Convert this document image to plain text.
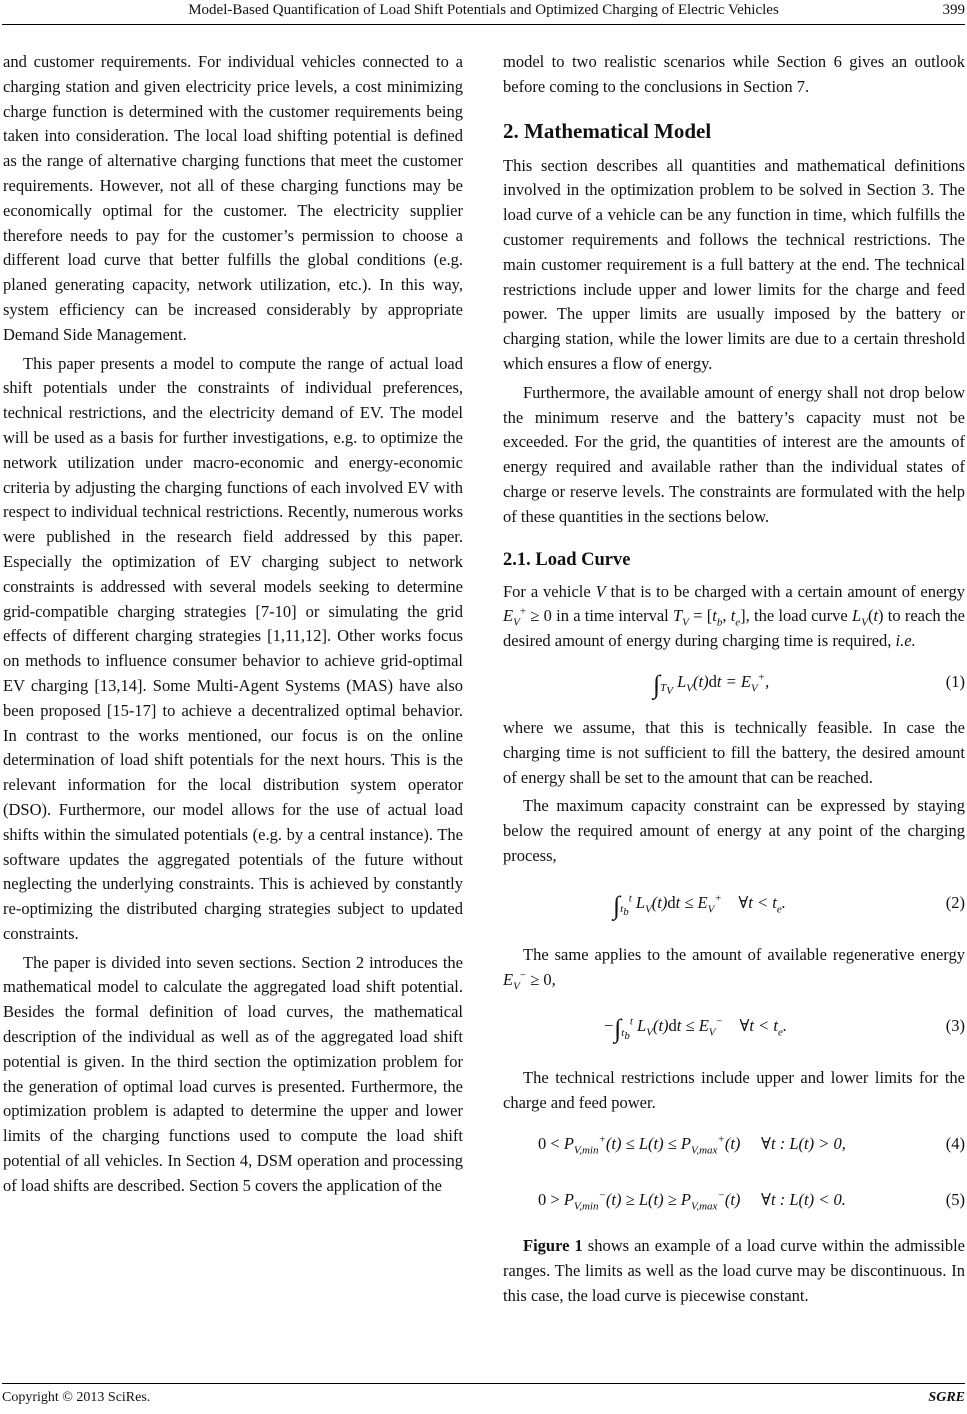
Model-Based Quantification of Load Shift Potentials and Optimized Charging of Electric Vehicles	399

and customer requirements. For individual vehicles connected to a charging station and given electricity price levels, a cost minimizing charge function is determined with the customer requirements being taken into consideration. The local load shifting potential is defined as the range of alternative charging functions that meet the customer requirements. However, not all of these charging functions may be economically optimal for the customer. The electricity supplier therefore needs to pay for the customer’s permission to choose a different load curve that better fulfills the global conditions (e.g. planed generating capacity, network utilization, etc.). In this way, system efficiency can be increased considerably by appropriate Demand Side Management.

This paper presents a model to compute the range of actual load shift potentials under the constraints of individual preferences, technical restrictions, and the electricity demand of EV. The model will be used as a basis for further investigations, e.g. to optimize the network utilization under macro-economic and energy-economic criteria by adjusting the charging functions of each involved EV with respect to individual technical restrictions. Recently, numerous works were published in the research field addressed by this paper. Especially the optimization of EV charging subject to network constraints is addressed with several models seeking to determine grid-compatible charging strategies [7-10] or simulating the grid effects of different charging strategies [1,11,12]. Other works focus on methods to influence consumer behavior to achieve grid-optimal EV charging [13,14]. Some Multi-Agent Systems (MAS) have also been proposed [15-17] to achieve a decentralized optimal behavior. In contrast to the works mentioned, our focus is on the online determination of load shift potentials for the next hours. This is the relevant information for the local distribution system operator (DSO). Furthermore, our model allows for the use of actual load shifts within the simulated potentials (e.g. by a central instance). The software updates the aggregated potentials of the future without neglecting the underlying constraints. This is achieved by constantly re-optimizing the distributed charging strategies subject to updated constraints.

The paper is divided into seven sections. Section 2 introduces the mathematical model to calculate the aggregated load shift potential. Besides the formal definition of load curves, the mathematical description of the individual as well as of the aggregated load shift potential is given. In the third section the optimization problem for the generation of optimal load curves is presented. Furthermore, the optimization problem is adapted to determine the upper and lower limits of the charging functions used to compute the load shift potential of all vehicles. In Section 4, DSM operation and processing of load shifts are described. Section 5 covers the application of the

model to two realistic scenarios while Section 6 gives an outlook before coming to the conclusions in Section 7.

2. Mathematical Model

This section describes all quantities and mathematical definitions involved in the optimization problem to be solved in Section 3. The load curve of a vehicle can be any function in time, which fulfills the customer requirements and follows the technical restrictions. The main customer requirement is a full battery at the end. The technical restrictions include upper and lower limits for the charge and feed power. The upper limits are usually imposed by the battery or charging station, while the lower limits are due to a certain threshold which ensures a flow of energy.

Furthermore, the available amount of energy shall not drop below the minimum reserve and the battery’s capacity must not be exceeded. For the grid, the quantities of interest are the amounts of energy required and available rather than the individual states of charge or reserve levels. The constraints are formulated with the help of these quantities in the sections below.

2.1. Load Curve

For a vehicle V that is to be charged with a certain amount of energy $E_V^+ \ge 0$ in a time interval $T_V = [t_b$, $t_e$], the load curve $L_V(t)$ to reach the desired amount of energy during charging time is required, i.e.

$\int_{T_V}$ $L_V(t)dt = E_V^+$,	(1)

where we assume, that this is technically feasible. In case the charging time is not sufficient to fill the battery, the desired amount of energy shall be set to the amount that can be reached.

The maximum capacity constraint can be expressed by staying below the required amount of energy at any point of the charging process,

$\int_{t_b}^t$ $L_V(t)dt \le E_V^+$    ∀t < $t_e$.	(2)

The same applies to the amount of available regenerative energy $E_V^- \ge 0$,

$-\int_{t_b}^t$ $L_V(t)dt \le E_V^-$    ∀t < $t_e$.	(3)

The technical restrictions include upper and lower limits for the charge and feed power.

$0 < P_{V,min}^+(t) \le L(t) \le P_{V,max}^+(t)$     ∀t : L(t) > 0,	(4)
$0 > P_{V,min}^-(t) \ge L(t) \ge P_{V,max}^-(t)$     ∀t : L(t) < 0.	(5)

Figure 1 shows an example of a load curve within the admissible ranges. The limits as well as the load curve may be discontinuous. In this case, the load curve is piecewise constant.

Copyright © 2013 SciRes.	SGRE
